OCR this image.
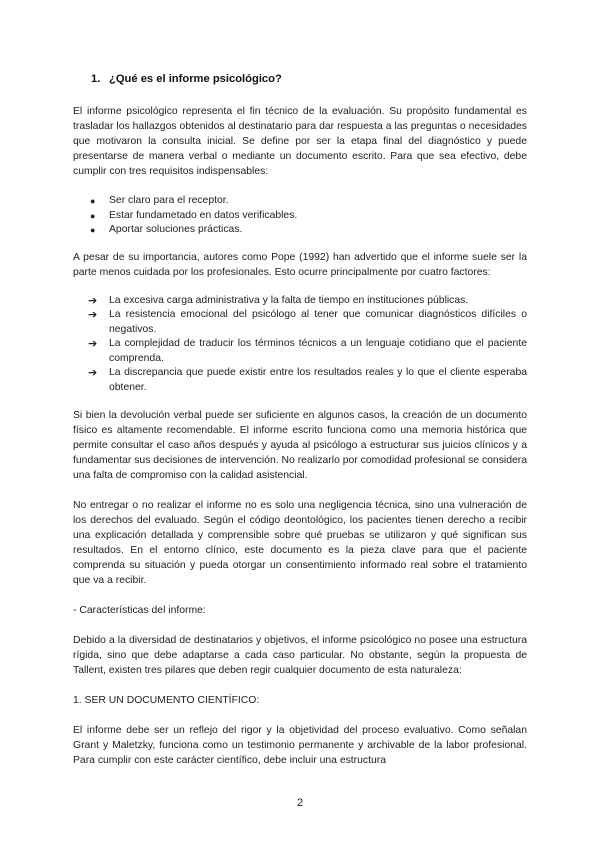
1. ¿Qué es el informe psicológico?

El informe psicológico representa el fin técnico de la evaluación. Su propósito fundamental es trasladar los hallazgos obtenidos al destinatario para dar respuesta a las preguntas o necesidades que motivaron la consulta inicial. Se define por ser la etapa final del diagnóstico y puede presentarse de manera verbal o mediante un documento escrito. Para que sea efectivo, debe cumplir con tres requisitos indispensables:

● Ser claro para el receptor.
● Estar fundametado en datos verificables.
● Aportar soluciones prácticas.

A pesar de su importancia, autores como Pope (1992) han advertido que el informe suele ser la parte menos cuidada por los profesionales. Esto ocurre principalmente por cuatro factores:

➔ La excesiva carga administrativa y la falta de tiempo en instituciones públicas.
➔ La resistencia emocional del psicólogo al tener que comunicar diagnósticos difíciles o negativos.
➔ La complejidad de traducir los términos técnicos a un lenguaje cotidiano que el paciente comprenda.
➔ La discrepancia que puede existir entre los resultados reales y lo que el cliente esperaba obtener.

Si bien la devolución verbal puede ser suficiente en algunos casos, la creación de un documento físico es altamente recomendable. El informe escrito funciona como una memoria histórica que permite consultar el caso años después y ayuda al psicólogo a estructurar sus juicios clínicos y a fundamentar sus decisiones de intervención. No realizarlo por comodidad profesional se considera una falta de compromiso con la calidad asistencial.

No entregar o no realizar el informe no es solo una negligencia técnica, sino una vulneración de los derechos del evaluado. Según el código deontológico, los pacientes tienen derecho a recibir una explicación detallada y comprensible sobre qué pruebas se utilizaron y qué significan sus resultados. En el entorno clínico, este documento es la pieza clave para que el paciente comprenda su situación y pueda otorgar un consentimiento informado real sobre el tratamiento que va a recibir.

- Características del informe:

Debido a la diversidad de destinatarios y objetivos, el informe psicológico no posee una estructura rígida, sino que debe adaptarse a cada caso particular. No obstante, según la propuesta de Tallent, existen tres pilares que deben regir cualquier documento de esta naturaleza:

1. SER UN DOCUMENTO CIENTÍFICO:

El informe debe ser un reflejo del rigor y la objetividad del proceso evaluativo. Como señalan Grant y Maletzky, funciona como un testimonio permanente y archivable de la labor profesional. Para cumplir con este carácter científico, debe incluir una estructura

2
